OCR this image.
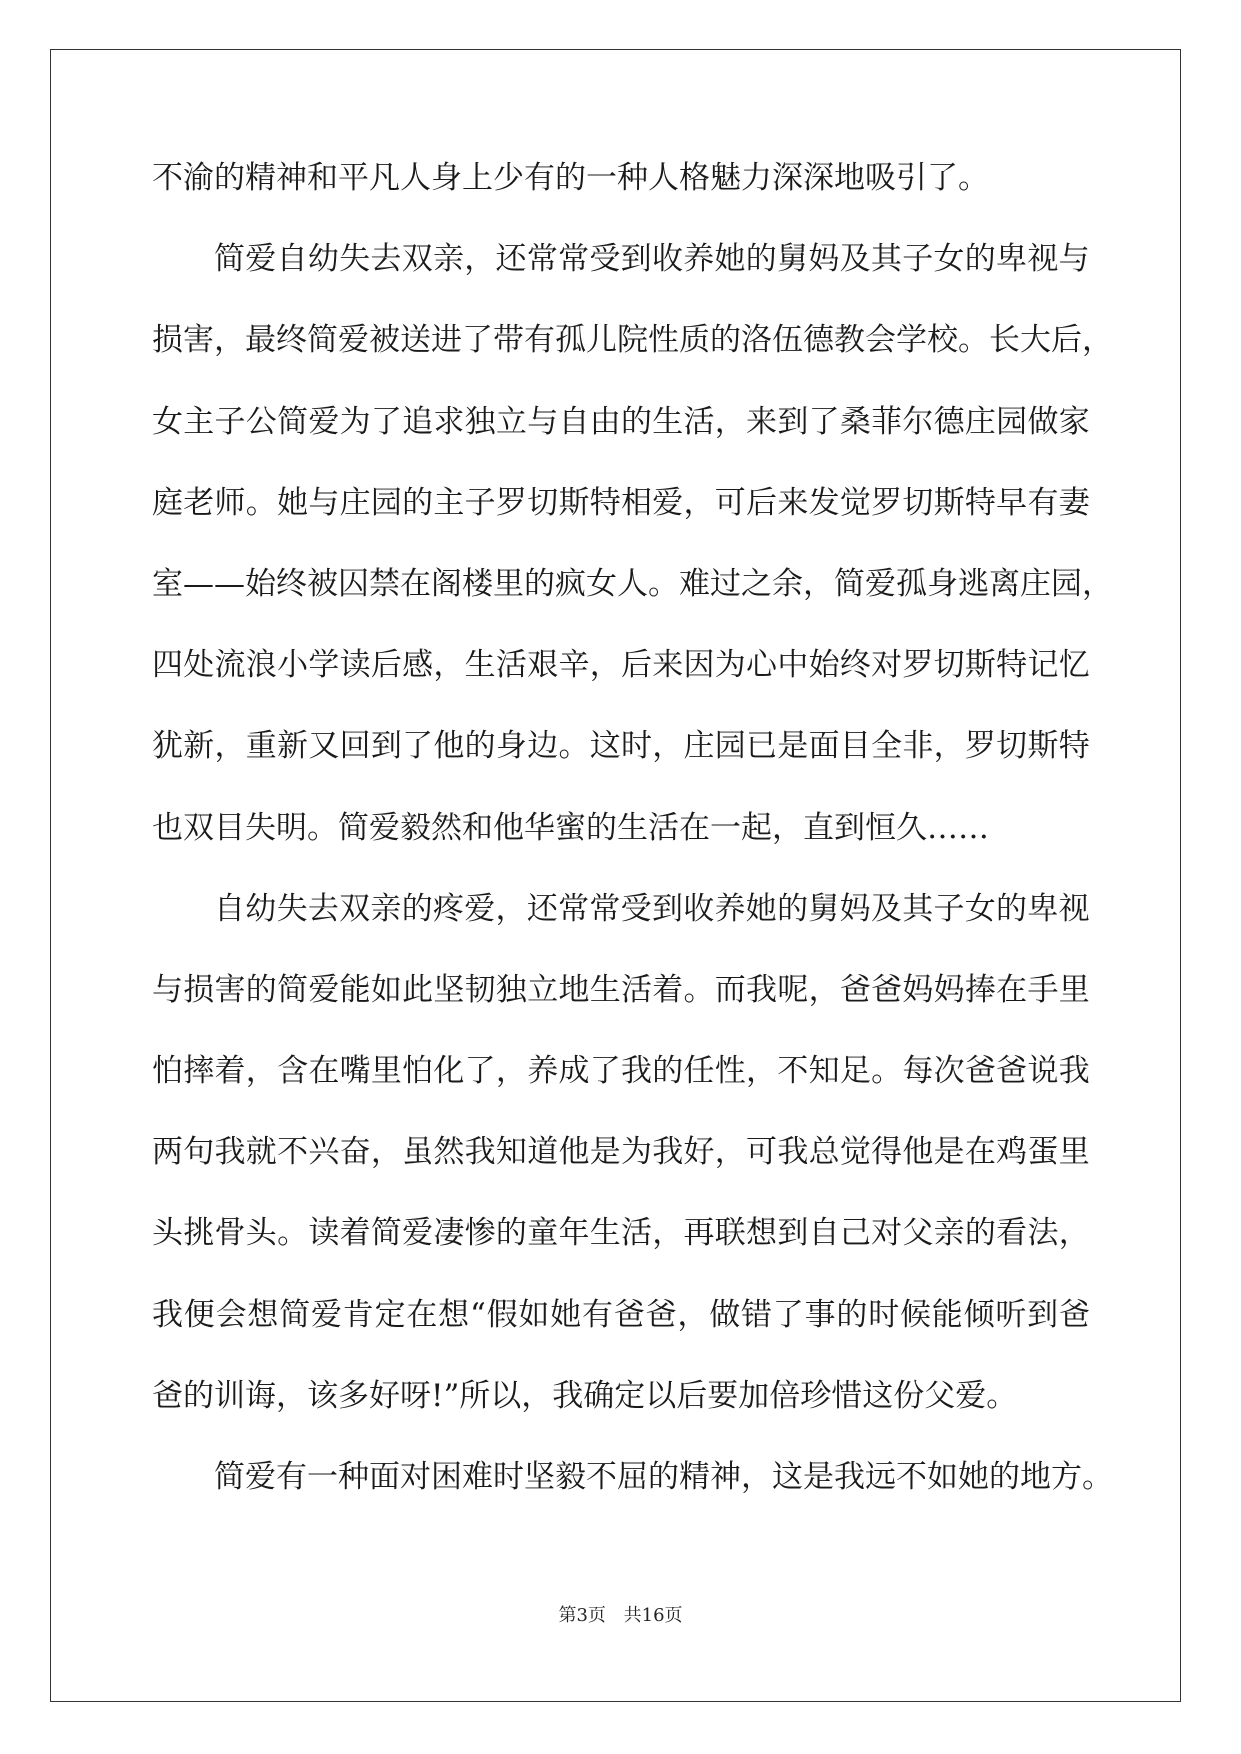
不渝的精神和平凡人身上少有的一种人格魅力深深地吸引了。
简 爱 自 幼 失 去 双 亲 ， 还 常 常 受 到 收 养 她 的 舅 妈 及 其 子 女 的 卑 视 与
损 害 ， 最 终 简 爱 被 送 进 了 带 有 孤 儿 院 性 质 的 洛 伍 德 教 会 学 校 。 长 大 后 ，
女 主 子 公 简 爱 为 了 追 求 独 立 与 自 由 的 生 活 ， 来 到 了 桑 菲 尔 德 庄 园 做 家
庭 老 师 。 她 与 庄 园 的 主 子 罗 切 斯 特 相 爱 ， 可 后 来 发 觉 罗 切 斯 特 早 有 妻
室 — — 始 终 被 囚 禁 在 阁 楼 里 的 疯 女 人 。 难 过 之 余 ， 简 爱 孤 身 逃 离 庄 园 ，
四 处 流 浪 小 学 读 后 感 ， 生 活 艰 辛 ， 后 来 因 为 心 中 始 终 对 罗 切 斯 特 记 忆
犹 新 ， 重 新 又 回 到 了 他 的 身 边 。 这 时 ， 庄 园 已 是 面 目 全 非 ， 罗 切 斯 特
也双目失明。简爱毅然和他华蜜的生活在一起，直到恒久……
自 幼 失 去 双 亲 的 疼 爱 ， 还 常 常 受 到 收 养 她 的 舅 妈 及 其 子 女 的 卑 视
与 损 害 的 简 爱 能 如 此 坚 韧 独 立 地 生 活 着 。 而 我 呢 ， 爸 爸 妈 妈 捧 在 手 里
怕 摔 着 ， 含 在 嘴 里 怕 化 了 ， 养 成 了 我 的 任 性 ， 不 知 足 。 每 次 爸 爸 说 我
两 句 我 就 不 兴 奋 ， 虽 然 我 知 道 他 是 为 我 好 ， 可 我 总 觉 得 他 是 在 鸡 蛋 里
头 挑 骨 头 。 读 着 简 爱 凄 惨 的 童 年 生 活 ， 再 联 想 到 自 己 对 父 亲 的 看 法 ，
我 便 会 想 简 爱 肯 定 在 想 “ 假 如 她 有 爸 爸 ， 做 错 了 事 的 时 候 能 倾 听 到 爸
爸的训诲，该多好呀!”所以，我确定以后要加倍珍惜这份父爱。
简爱有一种面对困难时坚毅不屈的精神，这是我远不如她的地方。
第3页 共16页
